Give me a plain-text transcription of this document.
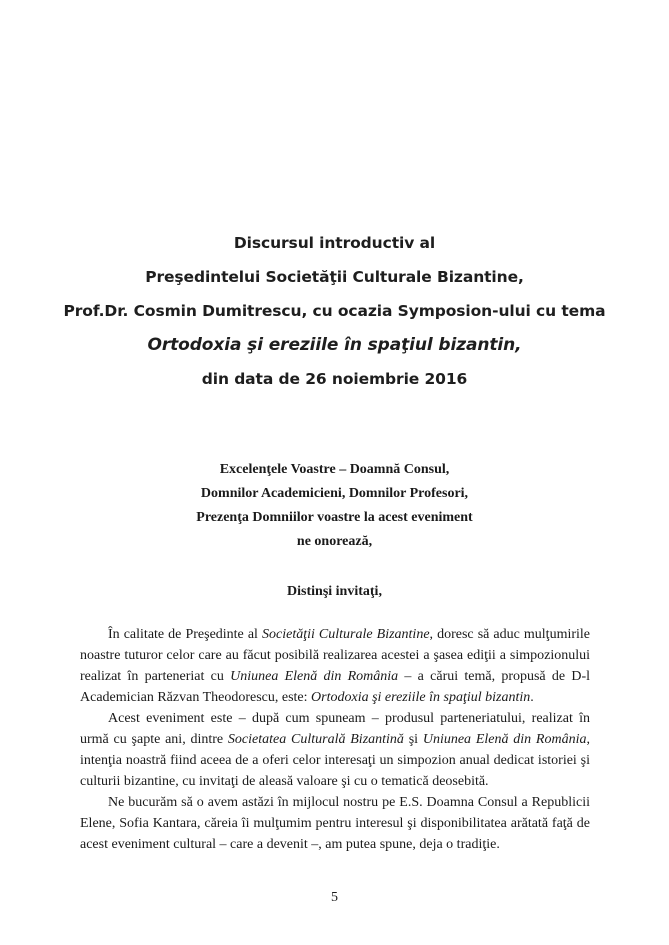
Discursul introductiv al
Preşedintelui Societăţii Culturale Bizantine,
Prof.Dr. Cosmin Dumitrescu, cu ocazia Symposion-ului cu tema
Ortodoxia şi ereziile în spaţiul bizantin,
din data de 26 noiembrie 2016
Excelenţele Voastre – Doamnă Consul,
Domnilor Academicieni, Domnilor Profesori,
Prezenţa Domniilor voastre la acest eveniment
ne onorează,
Distinşi invitaţi,

În calitate de Preşedinte al Societăţii Culturale Bizantine, doresc să aduc mulţumirile noastre tuturor celor care au făcut posibilă realizarea acestei a şasea ediţii a simpozionului realizat în parteneriat cu Uniunea Elenă din România – a cărui temă, propusă de D-l Academician Răzvan Theodorescu, este: Ortodoxia şi ereziile în spaţiul bizantin.

Acest eveniment este – după cum spuneam – produsul parteneriatului, realizat în urmă cu şapte ani, dintre Societatea Culturală Bizantină şi Uniunea Elenă din România, intenţia noastră fiind aceea de a oferi celor interesaţi un simpozion anual dedicat istoriei şi culturii bizantine, cu invitaţi de aleasă valoare şi cu o tematică deosebită.

Ne bucurăm să o avem astăzi în mijlocul nostru pe E.S. Doamna Consul a Republicii Elene, Sofia Kantara, căreia îi mulţumim pentru interesul şi disponibilitatea arătată faţă de acest eveniment cultural – care a devenit –, am putea spune, deja o tradiţie.

5
